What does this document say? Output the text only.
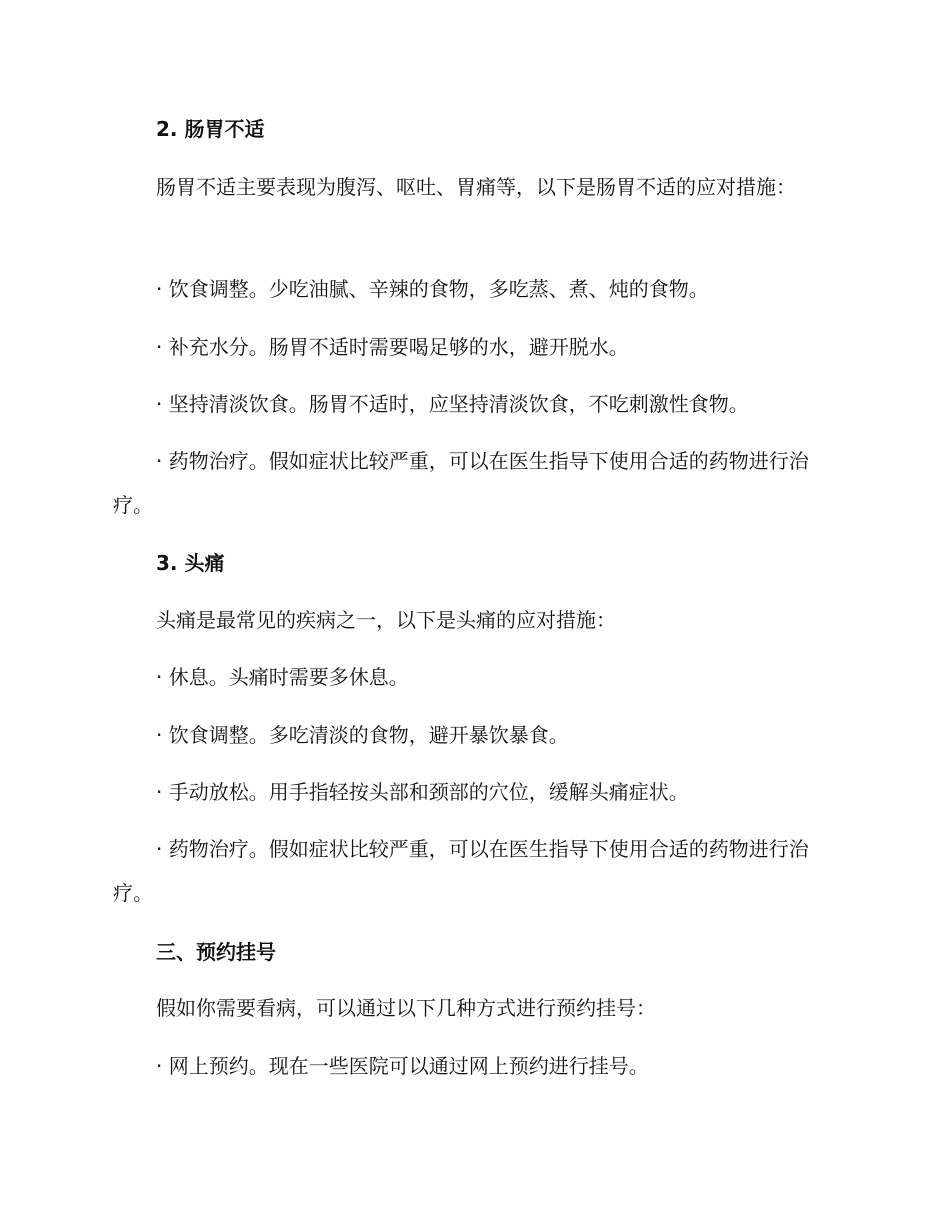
2. 肠胃不适

肠胃不适主要表现为腹泻、呕吐、胃痛等，以下是肠胃不适的应对措施：

· 饮食调整。少吃油腻、辛辣的食物，多吃蒸、煮、炖的食物。

· 补充水分。肠胃不适时需要喝足够的水，避开脱水。

· 坚持清淡饮食。肠胃不适时，应坚持清淡饮食，不吃刺激性食物。

· 药物治疗。假如症状比较严重，可以在医生指导下使用合适的药物进行治疗。

3. 头痛

头痛是最常见的疾病之一，以下是头痛的应对措施：

· 休息。头痛时需要多休息。

· 饮食调整。多吃清淡的食物，避开暴饮暴食。

· 手动放松。用手指轻按头部和颈部的穴位，缓解头痛症状。

· 药物治疗。假如症状比较严重，可以在医生指导下使用合适的药物进行治疗。

三、预约挂号

假如你需要看病，可以通过以下几种方式进行预约挂号：

· 网上预约。现在一些医院可以通过网上预约进行挂号。
